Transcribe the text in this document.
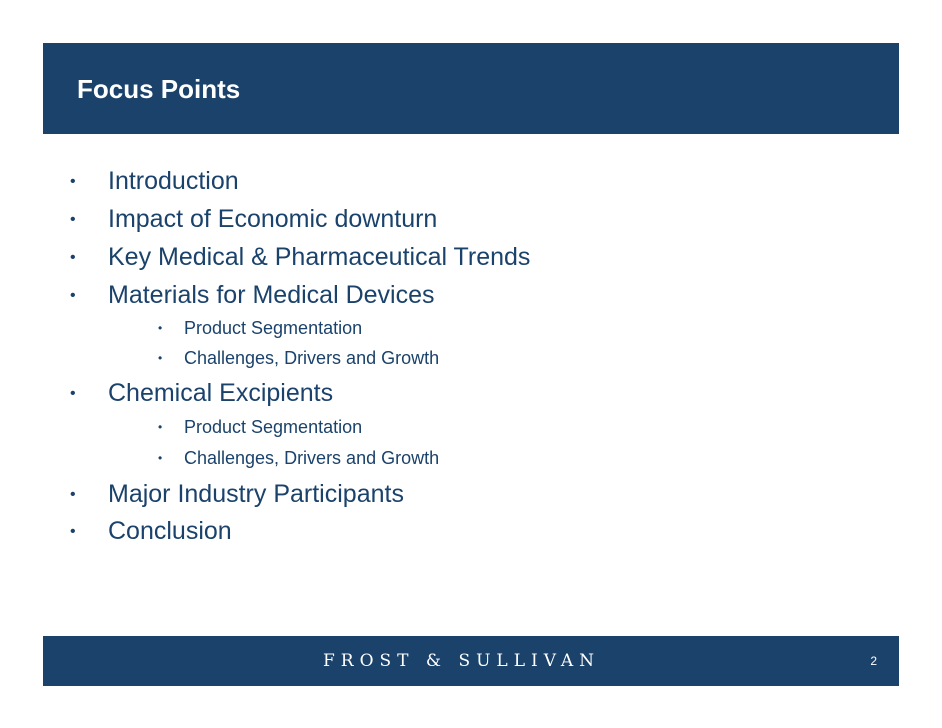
Focus Points
• Introduction
• Impact of Economic downturn
• Key Medical & Pharmaceutical Trends
• Materials for Medical Devices
• Product Segmentation
• Challenges, Drivers and Growth
• Chemical Excipients
• Product Segmentation
• Challenges, Drivers and Growth
• Major Industry Participants
• Conclusion
FROST & SULLIVAN	2
